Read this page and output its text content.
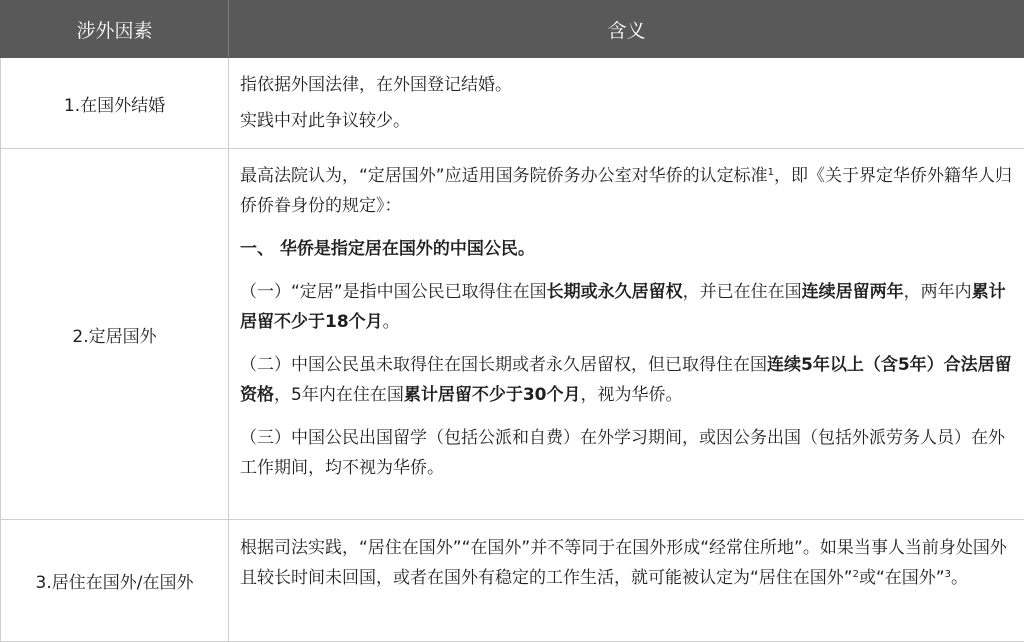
涉外因素	含义
1.在国外结婚	指依据外国法律，在外国登记结婚。

实践中对此争议较少。

2.定居国外	最高法院认为，“定居国外”应适用国务院侨务办公室对华侨的认定标准$^1$，即《关于界定华侨外籍华人归侨侨眷身份的规定》：

一、 华侨是指定居在国外的中国公民。

（一）“定居”是指中国公民已取得住在国长期或永久居留权，并已在住在国连续居留两年，两年内累计居留不少于18个月。

（二）中国公民虽未取得住在国长期或者永久居留权，但已取得住在国连续5年以上（含5年）合法居留资格，5年内在住在国累计居留不少于30个月，视为华侨。

（三）中国公民出国留学（包括公派和自费）在外学习期间，或因公务出国（包括外派劳务人员）在外工作期间，均不视为华侨。

3.居住在国外/在国外	根据司法实践，“居住在国外”“在国外”并不等同于在国外形成“经常住所地”。如果当事人当前身处国外且较长时间未回国，或者在国外有稳定的工作生活，就可能被认定为“居住在国外”$^2$或“在国外”$^3$。
